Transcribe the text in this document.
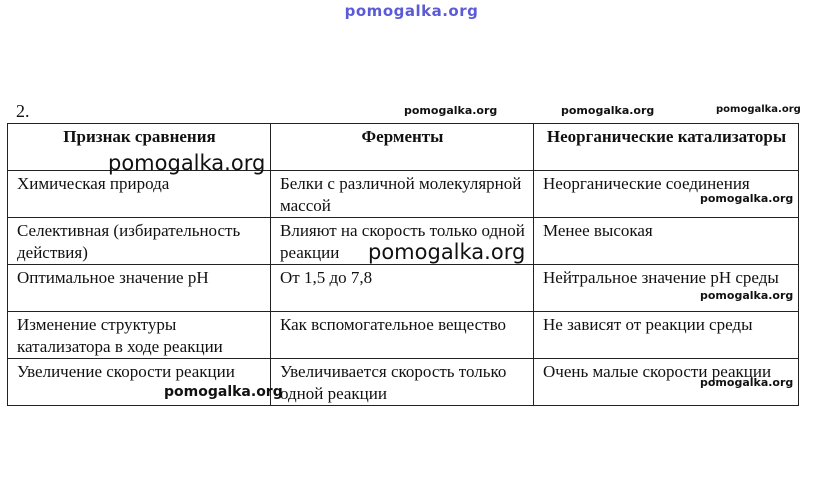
pomogalka.org
2.
Признак сравнения	Ферменты	Неорганические катализаторы
Химическая природа	Белки с различной молекулярной массой	Неорганические соединения
Селективная (избирательность действия)	Влияют на скорость только одной реакции	Менее высокая
Оптимальное значение рН	От 1,5 до 7,8	Нейтральное значение рН среды
Изменение структуры катализатора в ходе реакции	Как вспомогательное вещество	Не зависят от реакции среды
Увеличение скорости реакции	Увеличивается скорость только одной реакции	Очень малые скорости реакции
pomogalka.org	pomogalka.org	pomogalka.org
pomogalka.org
pomogalka.org
pomogalka.org
pomogalka.org
pomogalka.org
pomogalka.org
